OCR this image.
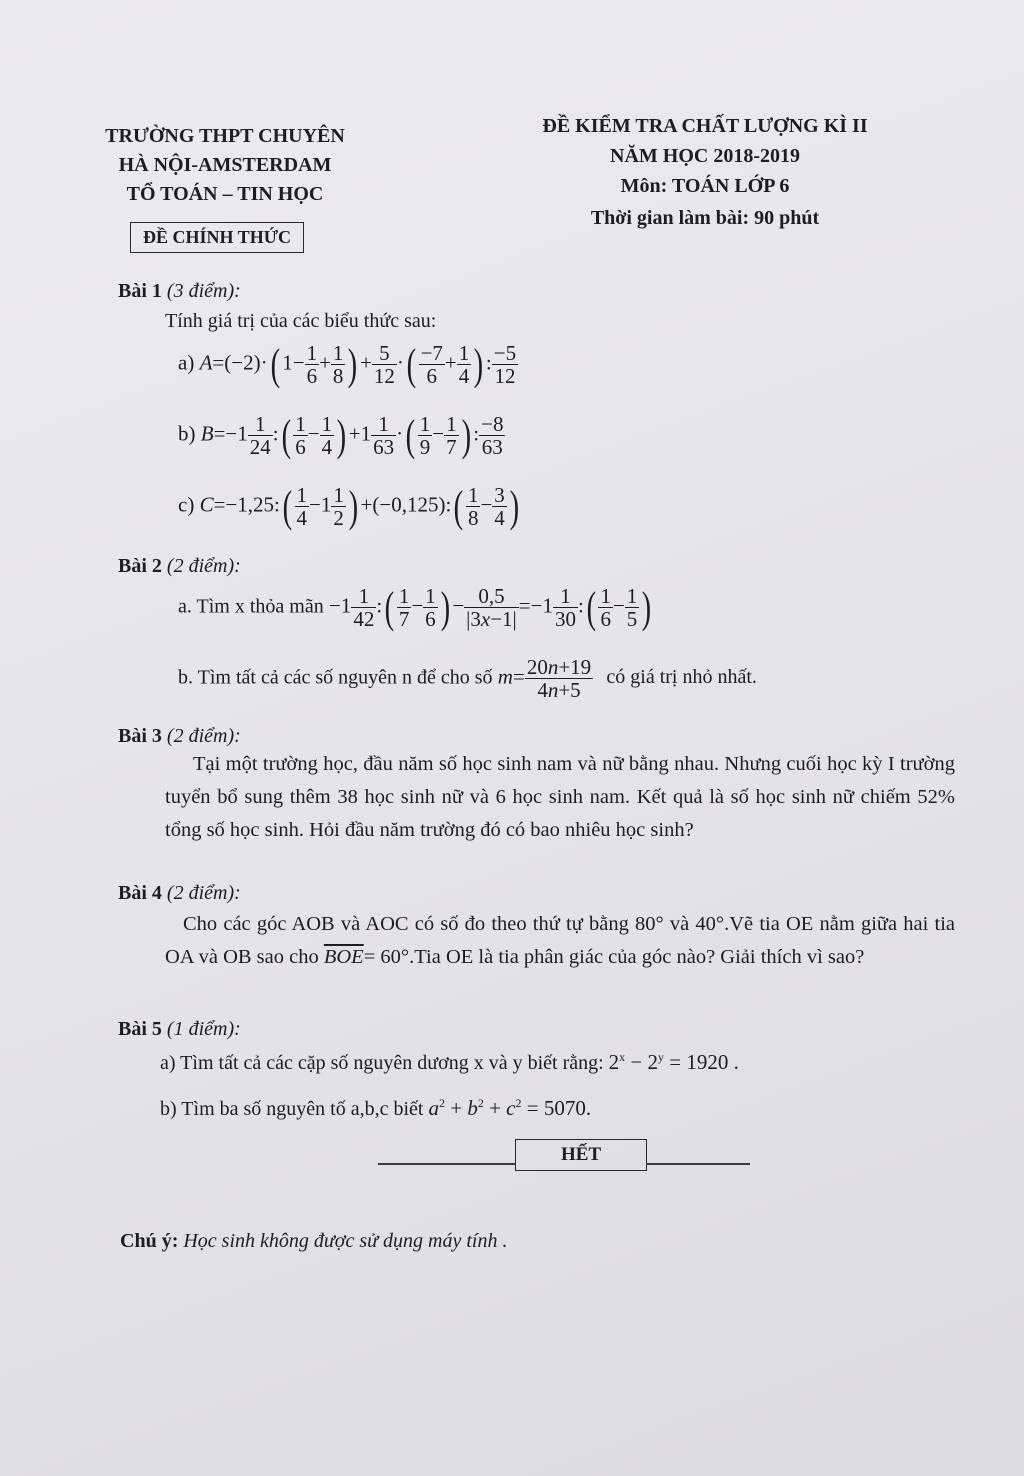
TRƯỜNG THPT CHUYÊN
HÀ NỘI-AMSTERDAM
TỔ TOÁN – TIN HỌC
ĐỀ CHÍNH THỨC
ĐỀ KIỂM TRA CHẤT LƯỢNG KÌ II
NĂM HỌC 2018-2019
Môn: TOÁN LỚP 6
Thời gian làm bài: 90 phút
Bài 1 (3 điểm):
Tính giá trị của các biểu thức sau:
a) A=(−2)·( $1- \frac{1}{6} + \frac{1}{8}$ ) + $\frac{5}{12}$ ·( $\frac{-7}{6} + \frac{1}{4}$ ) : $\frac{-5}{12}$
b) $B=-1 \frac{1}{24}$ :( $\frac{1}{6} - \frac{1}{4}$ ) $+1 \frac{1}{63}$ ·( $\frac{1}{9} - \frac{1}{7}$ ) : $\frac{-8}{63}$
c) C=−1,25:( $\frac{1}{4} -1 \frac{1}{2}$ ) +(−0,125):( $\frac{1}{8} - \frac{3}{4}$ )
Bài 2 (2 điểm):
a. Tìm x thỏa mãn $-1 \frac{1}{42}$ :( $\frac{1}{7} - \frac{1}{6}$ ) − $\frac{0,5}{|3x-1|} =-1 \frac{1}{30}$ :( $\frac{1}{6} - \frac{1}{5}$ )
b. Tìm tất cả các số nguyên n để cho số $m= \frac{20n+19}{4n+5}$ có giá trị nhỏ nhất.
Bài 3 (2 điểm):
Tại một trường học, đầu năm số học sinh nam và nữ bằng nhau. Nhưng cuối học kỳ I trường tuyển bổ sung thêm 38 học sinh nữ và 6 học sinh nam. Kết quả là số học sinh nữ chiếm 52% tổng số học sinh. Hỏi đầu năm trường đó có bao nhiêu học sinh?
Bài 4 (2 điểm):
Cho các góc AOB và AOC có số đo theo thứ tự bằng 80° và 40°.Vẽ tia OE nằm giữa hai tia OA và OB sao cho $\overline{BOE}= 60^\circ.Tia$ OE là tia phân giác của góc nào? Giải thích vì sao?
Bài 5 (1 điểm):
a) Tìm tất cả các cặp số nguyên dương x và y biết rằng: $2^x - 2^y = 1920$ .
b) Tìm ba số nguyên tố a,b,c biết $a^2 + b^2 + c^2 = 5070$.
HẾT
Chú ý: Học sinh không được sử dụng máy tính .
